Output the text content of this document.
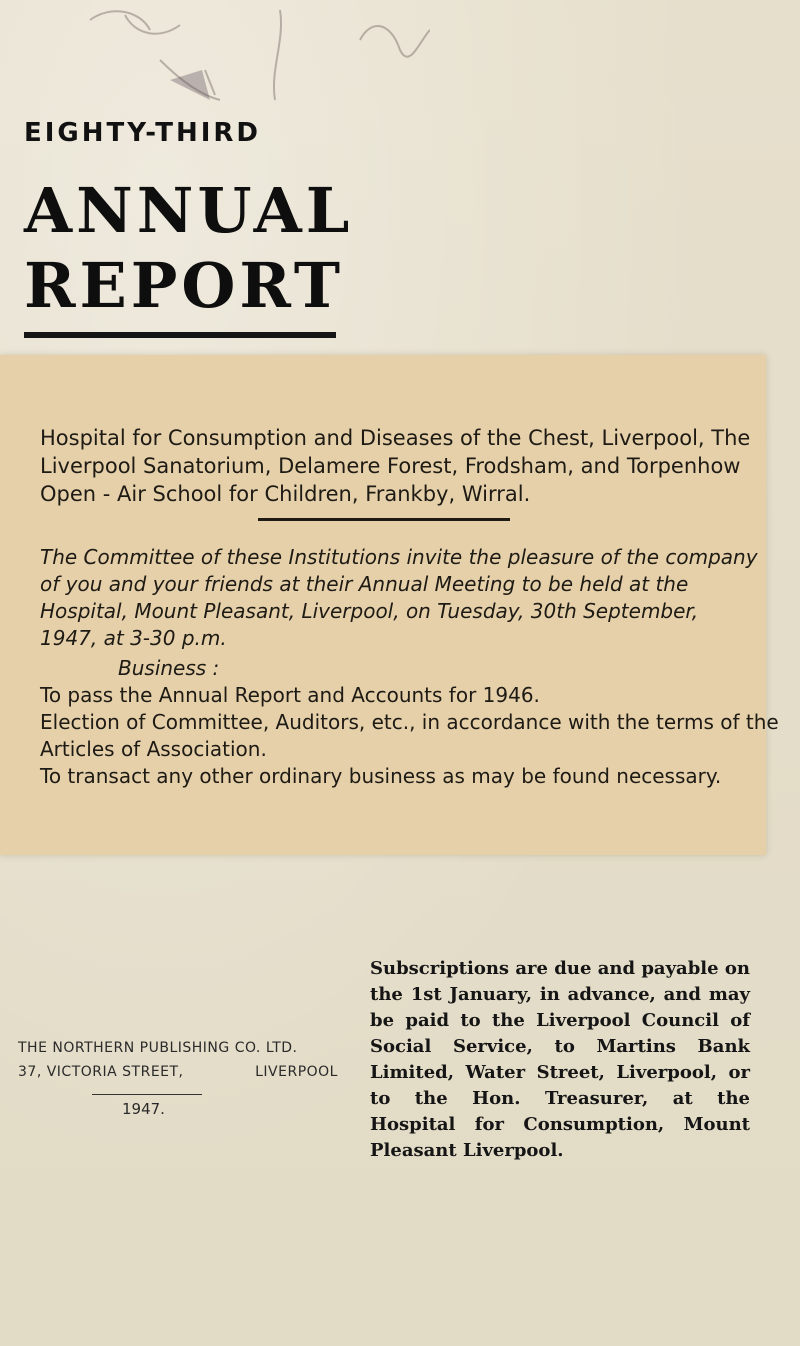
EIGHTY-THIRD
ANNUAL
REPORT
Hospital for Consumption and Diseases of the Chest, Liverpool, The Liverpool Sanatorium, Delamere Forest, Frodsham, and Torpenhow Open - Air School for Children, Frankby, Wirral.
The Committee of these Institutions invite the pleasure of the company of you and your friends at their Annual Meeting to be held at the Hospital, Mount Pleasant, Liverpool, on Tuesday, 30th September, 1947, at 3-30 p.m.
Business :
To pass the Annual Report and Accounts for 1946.
Election of Committee, Auditors, etc., in accordance with the terms of the Articles of Association.
To transact any other ordinary business as may be found necessary.
THE NORTHERN PUBLISHING CO. LTD.
37, VICTORIA STREET,	LIVERPOOL
1947.
Subscriptions are due and payable on the 1st January, in advance, and may be paid to the Liverpool Council of Social Service, to Martins Bank Limited, Water Street, Liverpool, or to the Hon. Treasurer, at the Hospital for Consumption, Mount Pleasant Liverpool.
